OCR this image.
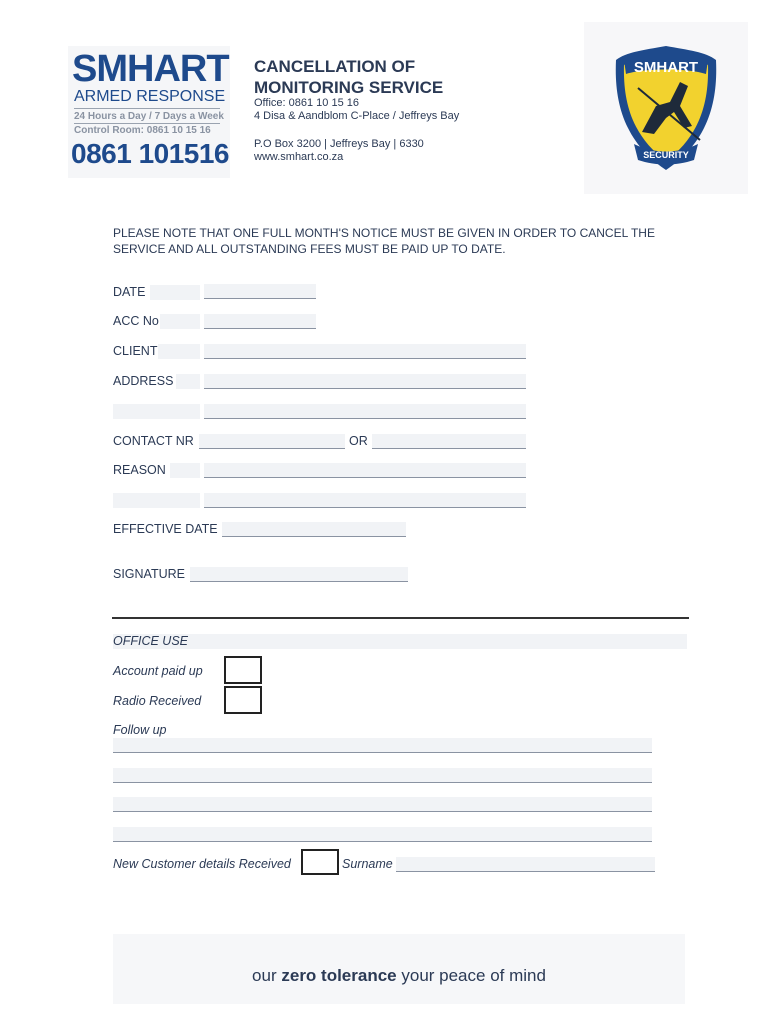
SMHART
ARMED RESPONSE
24 Hours a Day / 7 Days a Week
Control Room: 0861 10 15 16
0861 101516
CANCELLATION OF
MONITORING SERVICE
Office: 0861 10 15 16
4 Disa & Aandblom C-Place / Jeffreys Bay
P.O Box 3200 | Jeffreys Bay | 6330
www.smhart.co.za
SMHART
SECURITY
PLEASE NOTE THAT ONE FULL MONTH'S NOTICE MUST BE GIVEN IN ORDER TO CANCEL THE SERVICE AND ALL OUTSTANDING FEES MUST BE PAID UP TO DATE.
DATE
ACC No
CLIENT
ADDRESS
CONTACT NR	OR
REASON
EFFECTIVE DATE
SIGNATURE
OFFICE USE
Account paid up
Radio Received
Follow up
New Customer details Received	Surname
our zero tolerance your peace of mind
